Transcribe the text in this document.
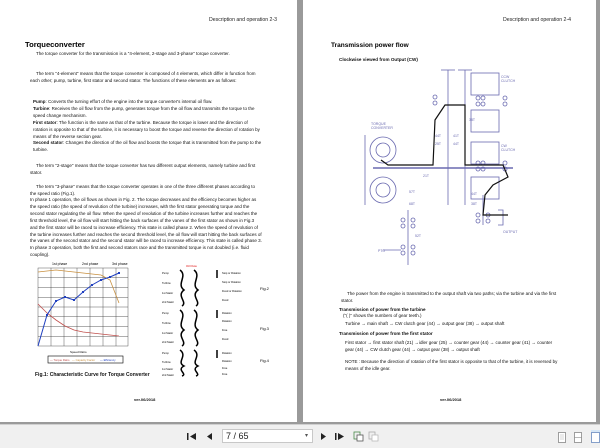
Description and operation 2-3
Torqueconverter
The torque converter for the transmission is a "4-element, 2-stage and 3-phase" torque converter.
The term "4-element" means that the torque converter is composed of 4 elements, which differ in function from each other; pump, turbine, first stator and second stator. The functions of these elements are as follows:
Pump: Converts the turning effort of the engine into the torque converter's internal oil flow.
Turbine: Receives the oil flow from the pump, generates torque from the oil flow and transmits the torque to the speed change mechanism.
First stator: The function is the same as that of the turbine. Because the torque is lower and the direction of rotation is opposite to that of the turbine, it is necessary to boost the torque and reverse the direction of rotation by means of the reverse section gear.
Second stator: Changes the direction of the oil flow and boosts the torque that is transmitted from the pump to the turbine.
The term "2-stage" means that the torque converter has two different output elements, namely turbine and first stator.
The term "3-phase" means that the torque converter operates in one of the three different phases according to the speed ratio (Fig.1).
In phase 1 operation, the oil flows as shown in Fig. 2. The torque decreases and the efficiency becomes higher as the speed ratio (the speed of revolution of the turbine) increases, with the first stator generating torque and the second stator regulating the oil flow. When the speed of revolution of the turbine increases further and reaches the first threshold level, the oil flow will start hitting the back surfaces of the vanes of the first stator as shown in Fig.3 and the first stator will be raced to increase efficiency. This state is called phase 2. When the speed of revolution of the turbine increases further and reaches the second threshold level, the oil flow will start hitting the back surfaces of the vanes of the second stator and the second stator will be raced to increase efficiency. This state is called phase 3. In phase 3 operation, both the first and second stators race and the transmitted torque is not doubled (i.e. fluid coupling).
1st phase	2nd phase	3rd phase
Speed Ratio
— Torque Ratio — Capacity Factor — Efficiency
Fig.1: Characteristic Curve for Torque Converter
Oil Flow
Pump
Turbine
1st Stator
2nd Stator
Pump
Turbine
1st Stator
2nd Stator
Pump
Turbine
1st Stator
2nd Stator
Stop or Rotation
Stop or Rotation
Fixed or Rotation
Fixed
Rotation
Rotation
Free
Fixed
Rotation
Rotation
Free
Free
Fig.2
Fig.3
Fig.4
ver.06/2018
Description and operation 2-4
Transmission power flow
Clockwise viewed from Output (CW)
CCW
CLUTCH
CW
CLUTCH
TORQUE
CONVERTER
OUTPUT
PTO
44T	41T
25T	44T
38T
21T
57T
68T
44T
38T
52T
The power from the engine is transmitted to the output shaft via two paths; via the turbine and via the first stator.
Transmission of power from the turbine
("( )" shows the numbers of gear teeth.)
Turbine → main shaft → CW clutch gear (44) → output gear (38) → output shaft
Transmission of power from the first stator
First stator → first stator shaft (21) →idler gear (25) → counter gear (44) → counter gear (41) → counter gear (44) → CW clutch gear (44) → output gear (38) → output shaft
NOTE : Because the direction of rotation of the first stator is opposite to that of the turbine, it is reversed by means of the idle gear.
ver.06/2018
7 / 65	▾
